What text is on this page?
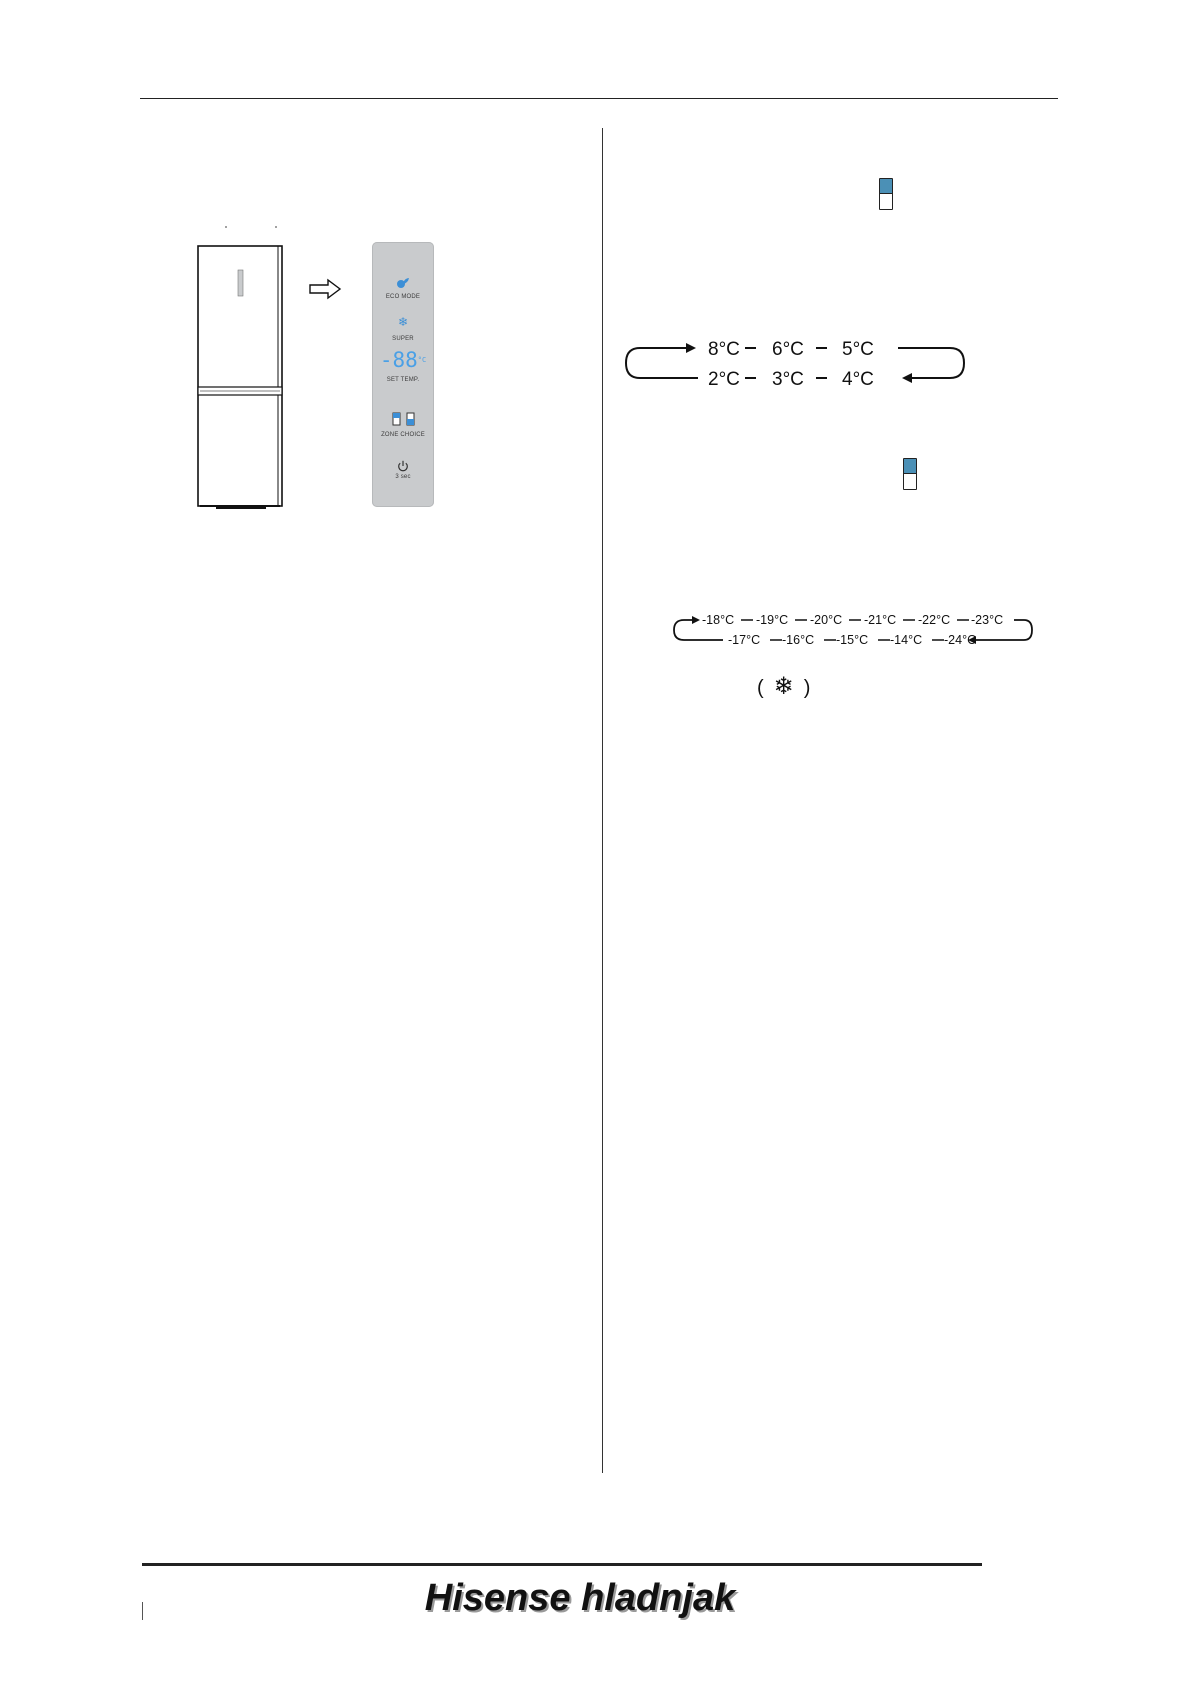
ECO MODE
❄
SUPER
$-88^{^\circ C}$
SET TEMP.
ZONE CHOICE
3 sec
8°C 6°C 5°C
2°C 3°C 4°C
-18°C -19°C -20°C -21°C -22°C -23°C
-17°C -16°C -15°C -14°C -24°C
(❄)
Hisense hladnjak
